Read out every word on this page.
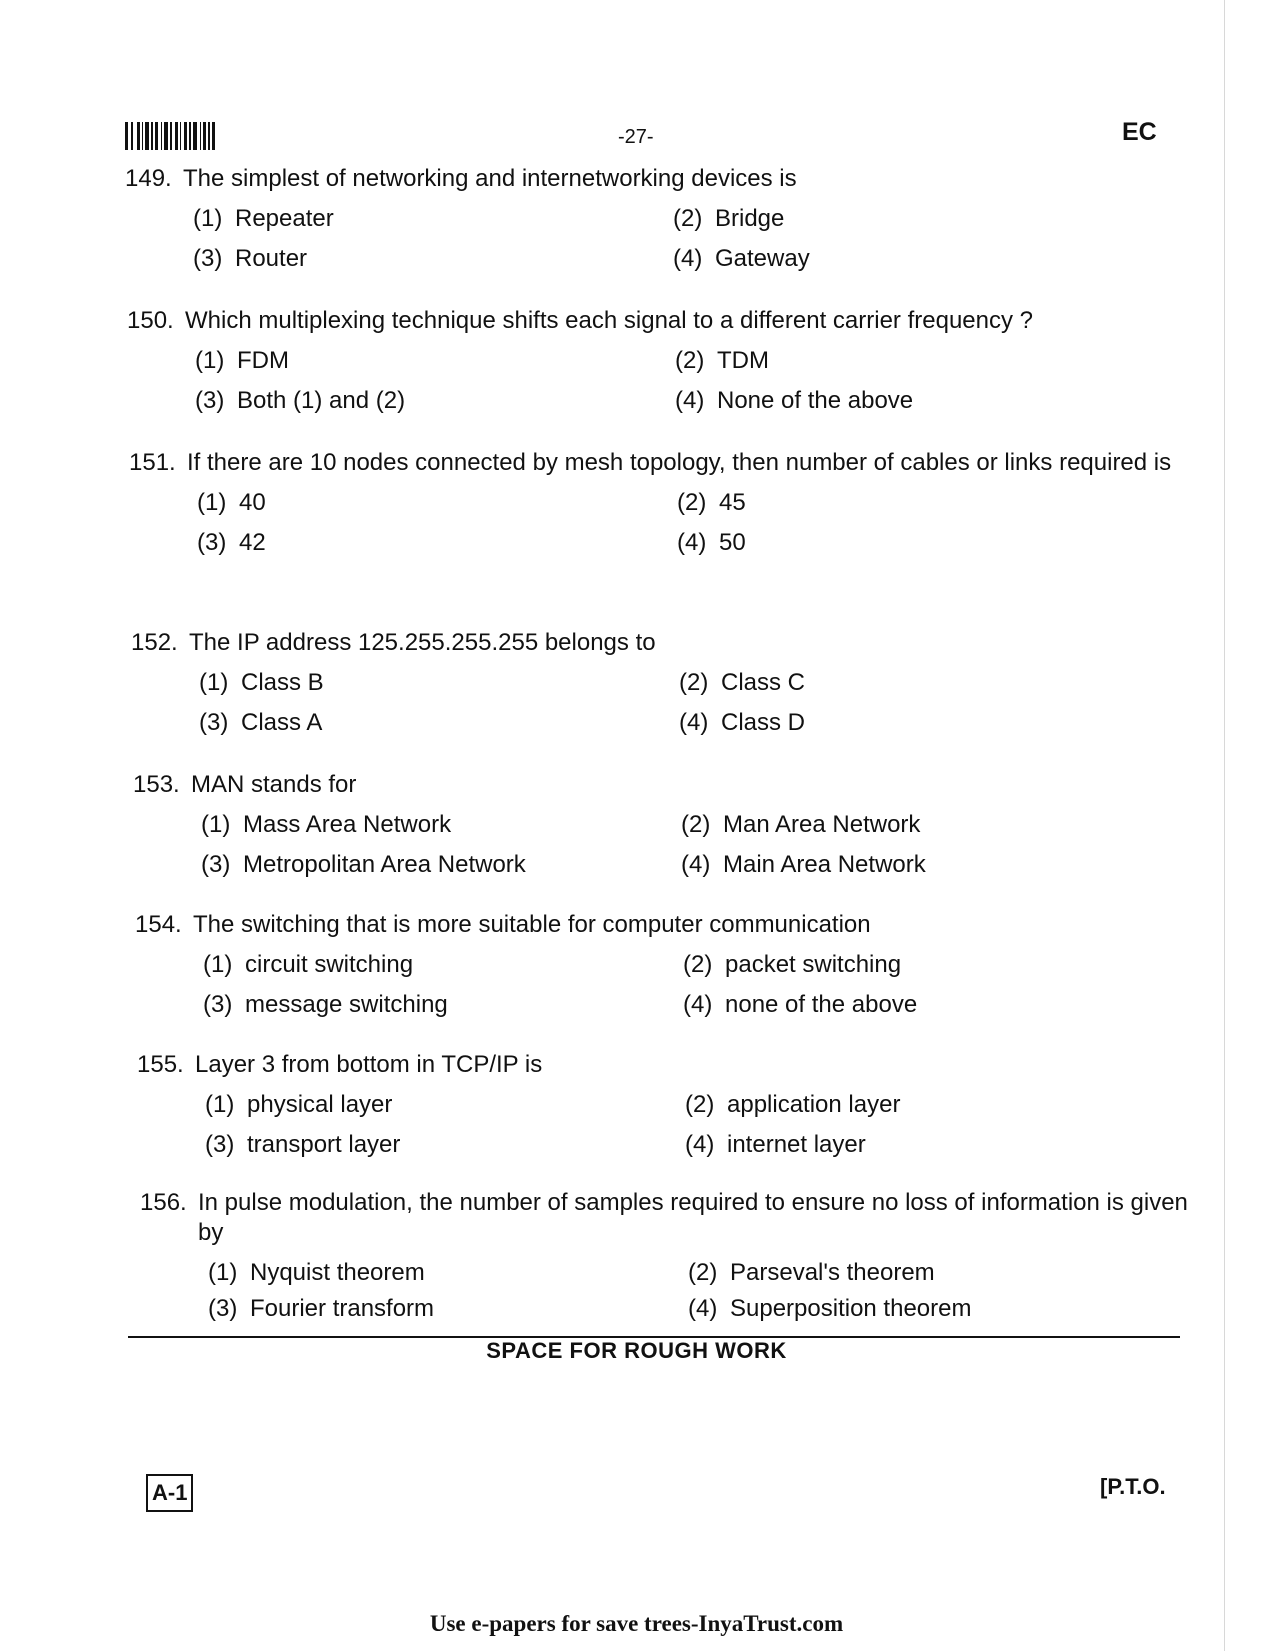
-27-	EC
149. The simplest of networking and internetworking devices is
(1) Repeater	(2) Bridge
(3) Router	(4) Gateway
150. Which multiplexing technique shifts each signal to a different carrier frequency ?
(1) FDM	(2) TDM
(3) Both (1) and (2)	(4) None of the above
151. If there are 10 nodes connected by mesh topology, then number of cables or links required is
(1) 40	(2) 45
(3) 42	(4) 50
152. The IP address 125.255.255.255 belongs to
(1) Class B	(2) Class C
(3) Class A	(4) Class D
153. MAN stands for
(1) Mass Area Network	(2) Man Area Network
(3) Metropolitan Area Network	(4) Main Area Network
154. The switching that is more suitable for computer communication
(1) circuit switching	(2) packet switching
(3) message switching	(4) none of the above
155. Layer 3 from bottom in TCP/IP is
(1) physical layer	(2) application layer
(3) transport layer	(4) internet layer
156. In pulse modulation, the number of samples required to ensure no loss of information is given by
(1) Nyquist theorem	(2) Parseval's theorem
(3) Fourier transform	(4) Superposition theorem
SPACE FOR ROUGH WORK
A-1	[P.T.O.
Use e-papers for save trees-InyaTrust.com
